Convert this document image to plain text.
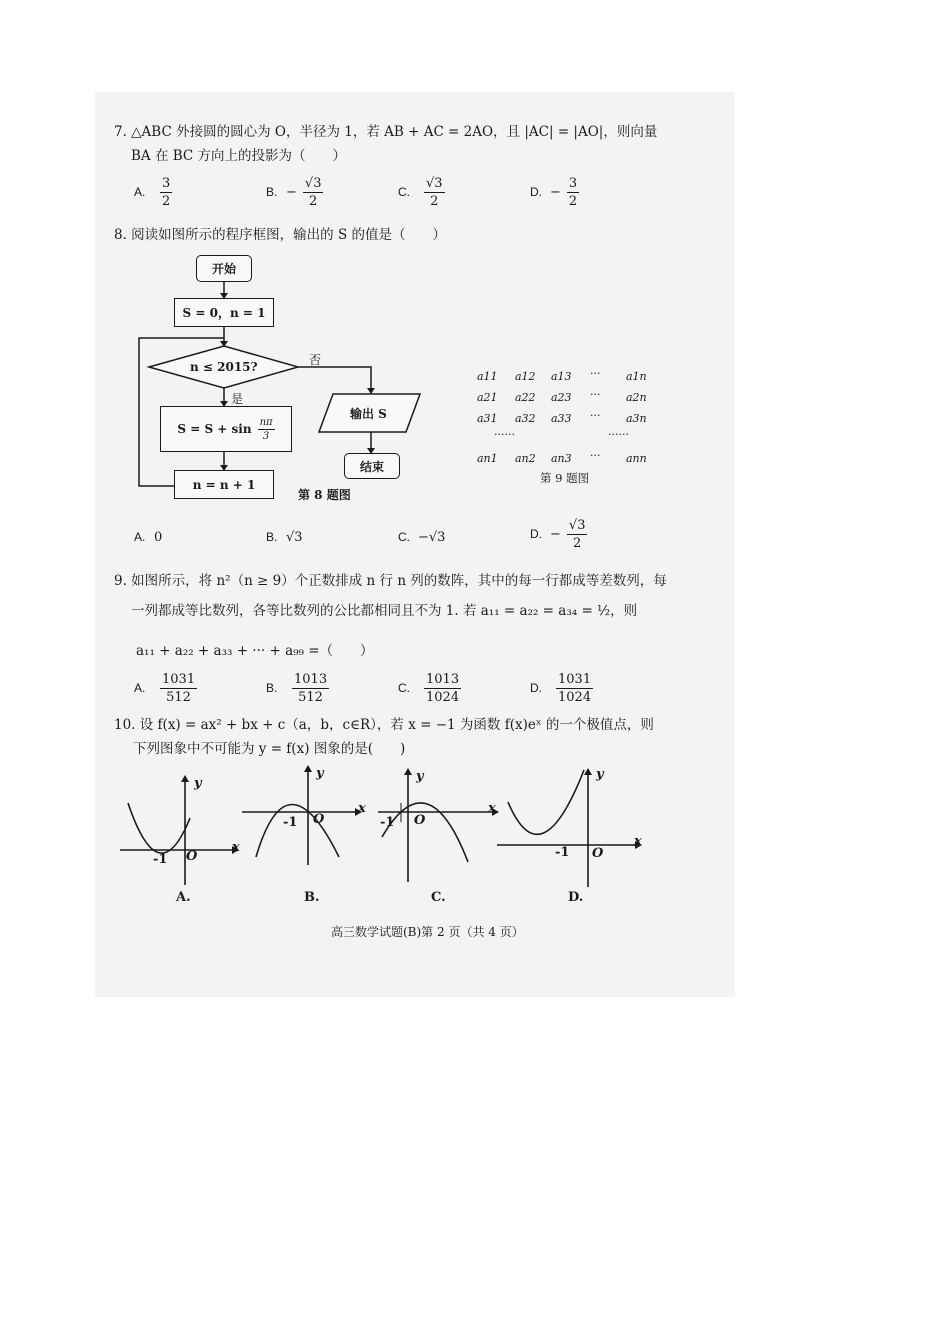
7. △ABC 外接圆的圆心为 O，半径为 1，若 AB + AC = 2AO，且 |AC| = |AO|，则向量
BA 在 BC 方向上的投影为（　　）
A. $\frac{3}{2}$	B. − $\frac{√3}{2}$	C. $\frac{√3}{2}$	D. − $\frac{3}{2}$
8. 阅读如图所示的程序框图，输出的 S 的值是（　　）
开始
S = 0，n = 1
n ≤ 2015?	否
是
$S = S + \sin \frac{n\pi}{3}$
n = n + 1
输出 S
结束
第 8 题图
a11 a12 a13 ··· a1n
a21 a22 a23 ··· a2n
a31 a32 a33 ··· a3n
······	······
an1 an2 an3 ··· ann
第 9 题图
A. 0	B. √3	C. −√3	D. − $\frac{√3}{2}$
9. 如图所示，将 n²（n ≥ 9）个正数排成 n 行 n 列的数阵，其中的每一行都成等差数列，每
一列都成等比数列，各等比数列的公比都相同且不为 1. 若 a₁₁ = a₂₂ = a₃₄ = ½，则
a₁₁ + a₂₂ + a₃₃ + ··· + a₉₉ =（　　）
A. $\frac{1031}{512}$	B. $\frac{1013}{512}$	C. $\frac{1013}{1024}$	D. $\frac{1031}{1024}$
10. 设 f(x) = ax² + bx + c（a，b，c∈R），若 x = −1 为函数 f(x)eˣ 的一个极值点，则
下列图象中不可能为 y = f(x) 图象的是(　　)
y
x
O
-1
A.
y
x
O
-1
B.
y
x
O
-1
C.
y
x
O
-1
D.
高三数学试题(B)第 2 页（共 4 页）
